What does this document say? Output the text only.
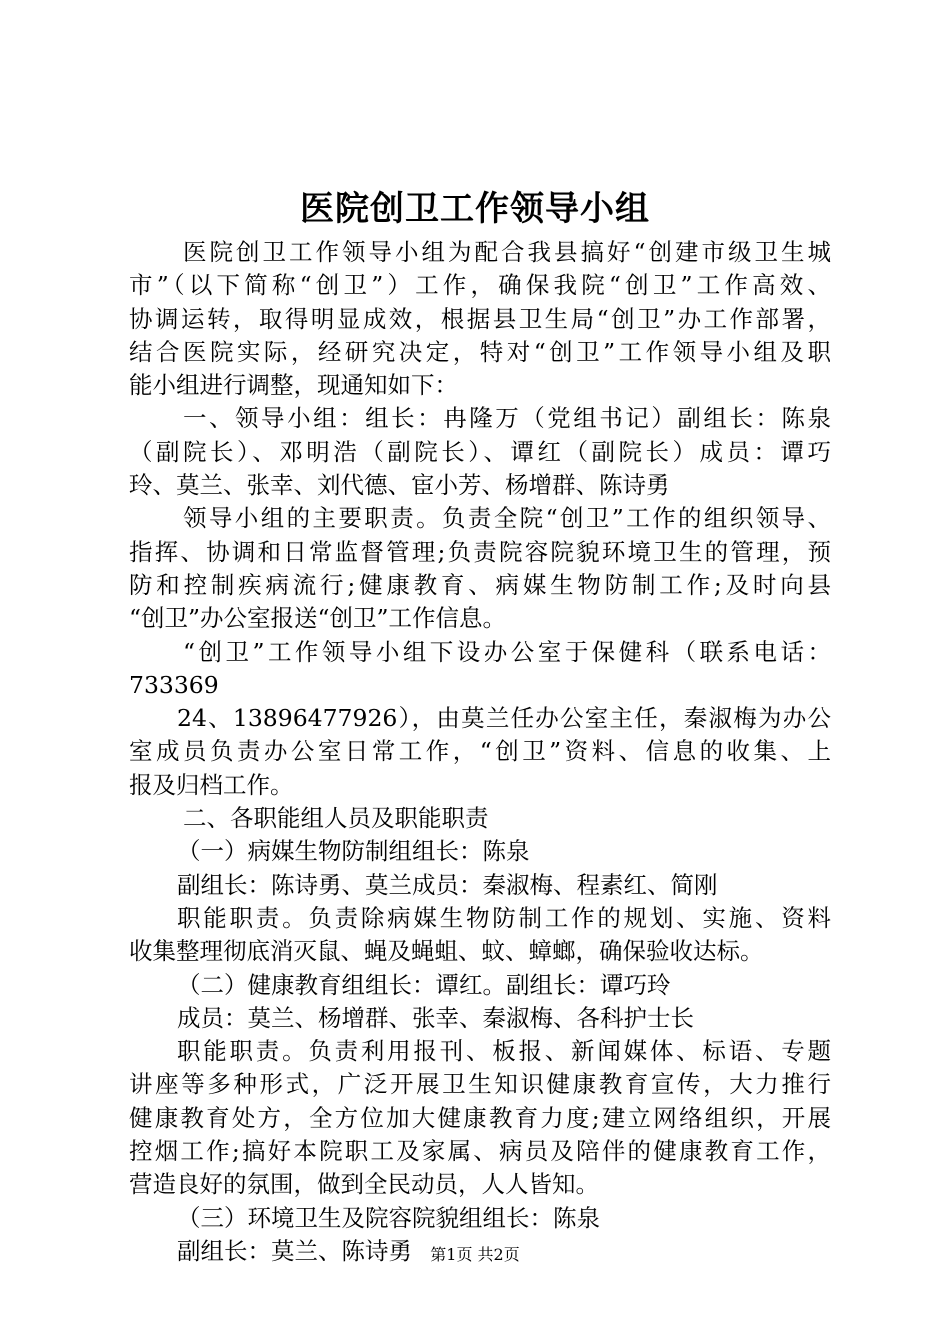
医院创卫工作领导小组
医院创卫工作领导小组为配合我县搞好“创建市级卫生城
市”（以下简称“创卫”）工作，确保我院“创卫”工作高效、
协调运转，取得明显成效，根据县卫生局“创卫”办工作部署，
结合医院实际，经研究决定，特对“创卫”工作领导小组及职
能小组进行调整，现通知如下：
一、领导小组：组长：冉隆万（党组书记）副组长：陈泉
（副院长）、邓明浩（副院长）、谭红（副院长）成员：谭巧
玲、莫兰、张幸、刘代德、宦小芳、杨增群、陈诗勇
领导小组的主要职责。负责全院“创卫”工作的组织领导、
指挥、协调和日常监督管理;负责院容院貌环境卫生的管理，预
防和控制疾病流行;健康教育、病媒生物防制工作;及时向县
“创卫”办公室报送“创卫”工作信息。
“创卫”工作领导小组下设办公室于保健科（联系电话：
733369
24、13896477926），由莫兰任办公室主任，秦淑梅为办公
室成员负责办公室日常工作，“创卫”资料、信息的收集、上
报及归档工作。
二、各职能组人员及职能职责
（一）病媒生物防制组组长：陈泉
副组长：陈诗勇、莫兰成员：秦淑梅、程素红、简刚
职能职责。负责除病媒生物防制工作的规划、实施、资料
收集整理彻底消灭鼠、蝇及蝇蛆、蚊、蟑螂，确保验收达标。
（二）健康教育组组长：谭红。副组长：谭巧玲
成员：莫兰、杨增群、张幸、秦淑梅、各科护士长
职能职责。负责利用报刊、板报、新闻媒体、标语、专题
讲座等多种形式，广泛开展卫生知识健康教育宣传，大力推行
健康教育处方，全方位加大健康教育力度;建立网络组织，开展
控烟工作;搞好本院职工及家属、病员及陪伴的健康教育工作，
营造良好的氛围，做到全民动员，人人皆知。
（三）环境卫生及院容院貌组组长：陈泉
副组长：莫兰、陈诗勇	第1页 共2页
